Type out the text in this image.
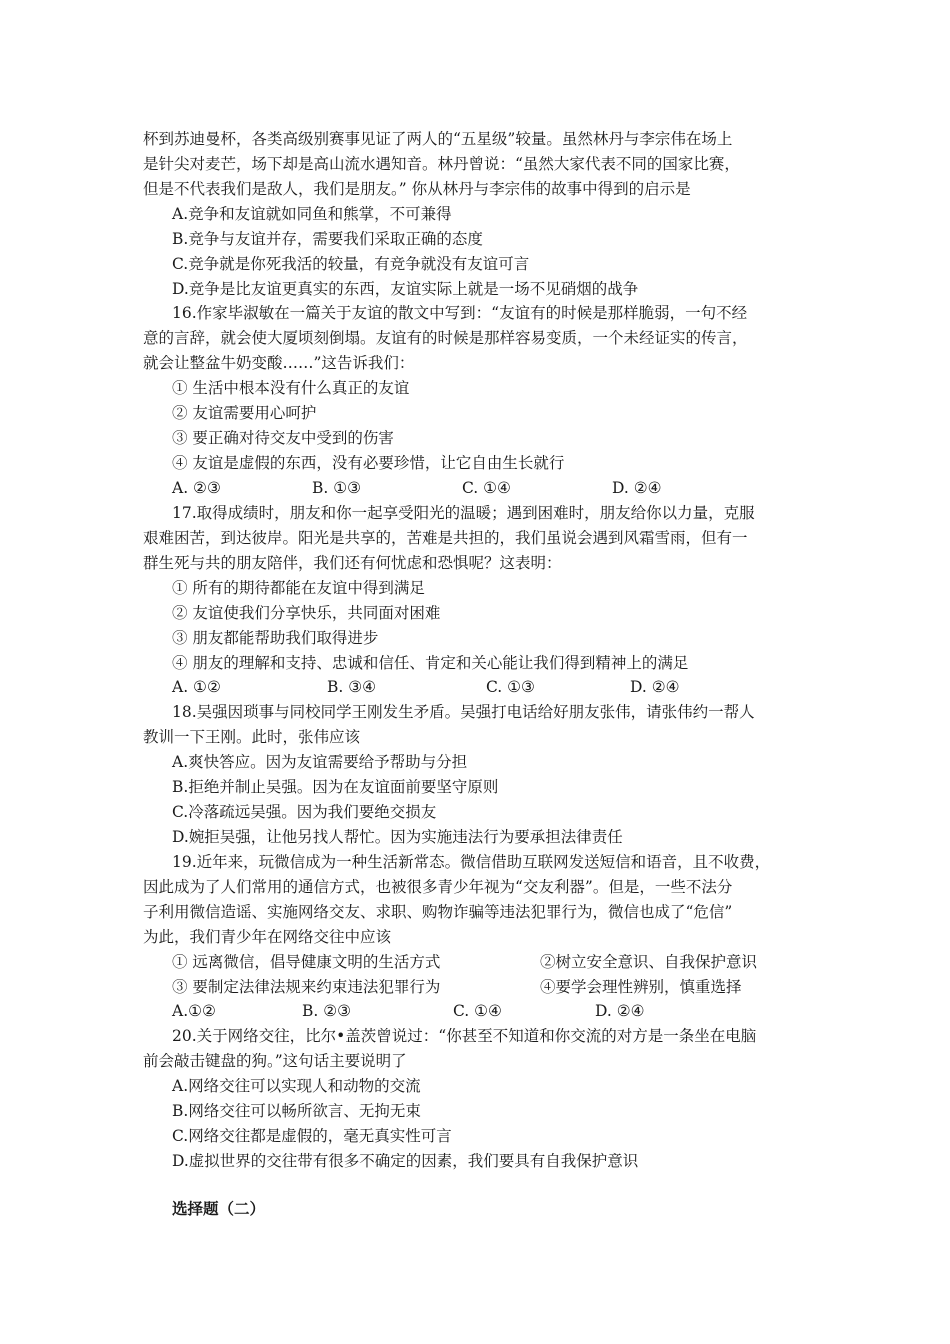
杯到苏迪曼杯，各类高级别赛事见证了两人的“五星级”较量。虽然林丹与李宗伟在场上
是针尖对麦芒，场下却是高山流水遇知音。林丹曾说：“虽然大家代表不同的国家比赛，
但是不代表我们是敌人，我们是朋友。” 你从林丹与李宗伟的故事中得到的启示是
A.竞争和友谊就如同鱼和熊掌，不可兼得
B.竞争与友谊并存，需要我们采取正确的态度
C.竞争就是你死我活的较量，有竞争就没有友谊可言
D.竞争是比友谊更真实的东西，友谊实际上就是一场不见硝烟的战争
16.作家毕淑敏在一篇关于友谊的散文中写到：“友谊有的时候是那样脆弱，一句不经
意的言辞，就会使大厦顷刻倒塌。友谊有的时候是那样容易变质，一个未经证实的传言，
就会让整盆牛奶变酸……”这告诉我们：
① 生活中根本没有什么真正的友谊
② 友谊需要用心呵护
③ 要正确对待交友中受到的伤害
④ 友谊是虚假的东西，没有必要珍惜，让它自由生长就行
A. ②③	B. ①③	C. ①④	D. ②④
17.取得成绩时，朋友和你一起享受阳光的温暖；遇到困难时，朋友给你以力量，克服
艰难困苦，到达彼岸。阳光是共享的，苦难是共担的，我们虽说会遇到风霜雪雨，但有一
群生死与共的朋友陪伴，我们还有何忧虑和恐惧呢？这表明：
① 所有的期待都能在友谊中得到满足
② 友谊使我们分享快乐，共同面对困难
③ 朋友都能帮助我们取得进步
④ 朋友的理解和支持、忠诚和信任、肯定和关心能让我们得到精神上的满足
A. ①②	B. ③④	C. ①③	D. ②④
18.吴强因琐事与同校同学王刚发生矛盾。吴强打电话给好朋友张伟，请张伟约一帮人
教训一下王刚。此时，张伟应该
A.爽快答应。因为友谊需要给予帮助与分担
B.拒绝并制止吴强。因为在友谊面前要坚守原则
C.冷落疏远吴强。因为我们要绝交损友
D.婉拒吴强，让他另找人帮忙。因为实施违法行为要承担法律责任
19.近年来，玩微信成为一种生活新常态。微信借助互联网发送短信和语音，且不收费，
因此成为了人们常用的通信方式，也被很多青少年视为“交友利器”。但是，一些不法分
子利用微信造谣、实施网络交友、求职、购物诈骗等违法犯罪行为，微信也成了“危信”
为此，我们青少年在网络交往中应该
① 远离微信，倡导健康文明的生活方式	②树立安全意识、自我保护意识
③ 要制定法律法规来约束违法犯罪行为	④要学会理性辨别，慎重选择
A.①②	B. ②③	C. ①④	D. ②④
20.关于网络交往，比尔•盖茨曾说过：“你甚至不知道和你交流的对方是一条坐在电脑
前会敲击键盘的狗。”这句话主要说明了
A.网络交往可以实现人和动物的交流
B.网络交往可以畅所欲言、无拘无束
C.网络交往都是虚假的，毫无真实性可言
D.虚拟世界的交往带有很多不确定的因素，我们要具有自我保护意识
选择题（二）
